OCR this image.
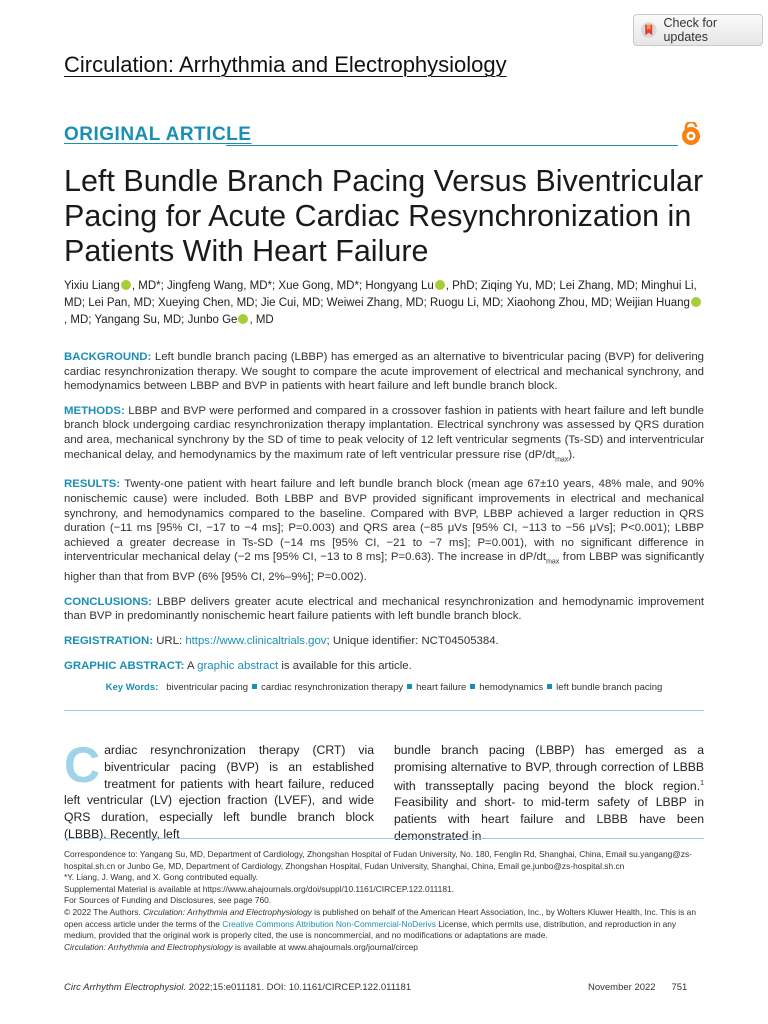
Circulation: Arrhythmia and Electrophysiology
Check for updates
ORIGINAL ARTICLE
Left Bundle Branch Pacing Versus Biventricular Pacing for Acute Cardiac Resynchronization in Patients With Heart Failure
Yixiu Liang , MD*; Jingfeng Wang, MD*; Xue Gong, MD*; Hongyang Lu , PhD; Ziqing Yu, MD; Lei Zhang, MD; Minghui Li, MD; Lei Pan, MD; Xueying Chen, MD; Jie Cui, MD; Weiwei Zhang, MD; Ruogu Li, MD; Xiaohong Zhou, MD; Weijian Huang, MD; Yangang Su, MD; Junbo Ge , MD

BACKGROUND: Left bundle branch pacing (LBBP) has emerged as an alternative to biventricular pacing (BVP) for delivering cardiac resynchronization therapy. We sought to compare the acute improvement of electrical and mechanical synchrony, and hemodynamics between LBBP and BVP in patients with heart failure and left bundle branch block.

METHODS: LBBP and BVP were performed and compared in a crossover fashion in patients with heart failure and left bundle branch block undergoing cardiac resynchronization therapy implantation. Electrical synchrony was assessed by QRS duration and area, mechanical synchrony by the SD of time to peak velocity of 12 left ventricular segments (Ts-SD) and interventricular mechanical delay, and hemodynamics by the maximum rate of left ventricular pressure rise $(dP/dt_{max})$.

RESULTS: Twenty-one patient with heart failure and left bundle branch block (mean age 67±10 years, 48% male, and 90% nonischemic cause) were included. Both LBBP and BVP provided significant improvements in electrical and mechanical synchrony, and hemodynamics compared to the baseline. Compared with BVP, LBBP achieved a larger reduction in QRS duration (−11 ms [95% CI, −17 to −4 ms]; P=0.003) and QRS area (−85 μVs [95% CI, −113 to −56 μVs]; P<0.001); LBBP achieved a greater decrease in Ts-SD (−14 ms [95% CI, −21 to −7 ms]; P=0.001), with no significant difference in interventricular mechanical delay (−2 ms [95% CI, −13 to 8 ms]; P=0.63). The increase in $dP/dt_{max}$ from LBBP was significantly higher than that from BVP (6% [95% CI, 2%–9%]; P=0.002).

CONCLUSIONS: LBBP delivers greater acute electrical and mechanical resynchronization and hemodynamic improvement than BVP in predominantly nonischemic heart failure patients with left bundle branch block.

REGISTRATION: URL: https://www.clinicaltrials.gov; Unique identifier: NCT04505384.

GRAPHIC ABSTRACT: A graphic abstract is available for this article.

Key Words: biventricular pacing cardiac resynchronization therapy heart failure hemodynamics left bundle branch pacing
Cardiac resynchronization therapy (CRT) via biventricular pacing (BVP) is an established treatment for patients with heart failure, reduced left ventricular (LV) ejection fraction (LVEF), and wide QRS duration, especially left bundle branch block (LBBB). Recently, left
bundle branch pacing (LBBP) has emerged as a promising alternative to BVP, through correction of LBBB with transseptally pacing beyond the block region.$^1$ Feasibility and short- to mid-term safety of LBBP in patients with heart failure and LBBB have been demonstrated in

Correspondence to: Yangang Su, MD, Department of Cardiology, Zhongshan Hospital of Fudan University, No. 180, Fenglin Rd, Shanghai, China, Email su.yangang@zs-hospital.sh.cn or Junbo Ge, MD, Department of Cardiology, Zhongshan Hospital, Fudan University, Shanghai, China, Email ge.junbo@zs-hospital.sh.cn

*Y. Liang, J. Wang, and X. Gong contributed equally.

Supplemental Material is available at https://www.ahajournals.org/doi/suppl/10.1161/CIRCEP.122.011181.

For Sources of Funding and Disclosures, see page 760.

© 2022 The Authors. Circulation: Arrhythmia and Electrophysiology is published on behalf of the American Heart Association, Inc., by Wolters Kluwer Health, Inc. This is an open access article under the terms of the Creative Commons Attribution Non-Commercial-NoDerivs License, which permits use, distribution, and reproduction in any medium, provided that the original work is properly cited, the use is noncommercial, and no modifications or adaptations are made.

Circulation: Arrhythmia and Electrophysiology is available at www.ahajournals.org/journal/circep

Circ Arrhythm Electrophysiol. 2022;15:e011181. DOI: 10.1161/CIRCEP.122.011181	November 2022 751
